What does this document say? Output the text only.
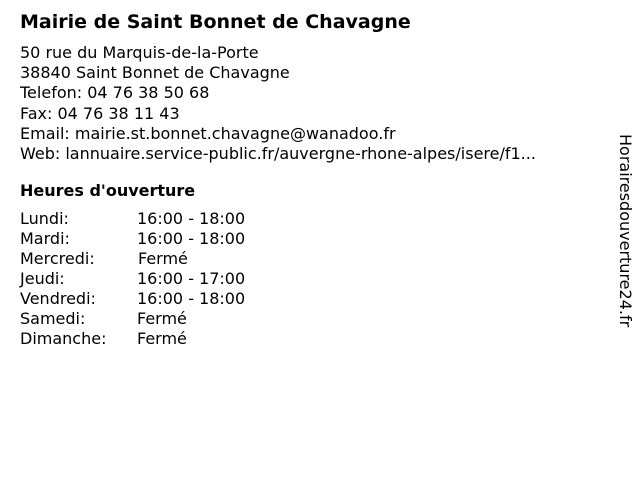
Mairie de Saint Bonnet de Chavagne
50 rue du Marquis-de-la-Porte
38840 Saint Bonnet de Chavagne
Telefon: 04 76 38 50 68
Fax: 04 76 38 11 43
Email: mairie.st.bonnet.chavagne@wanadoo.fr
Web: lannuaire.service-public.fr/auvergne-rhone-alpes/isere/f1...
Heures d'ouverture
Lundi:	16:00 - 18:00
Mardi:	16:00 - 18:00
Mercredi:	Fermé
Jeudi:	16:00 - 17:00
Vendredi:	16:00 - 18:00
Samedi:	Fermé
Dimanche:	Fermé
Horairesdouverture24.fr
